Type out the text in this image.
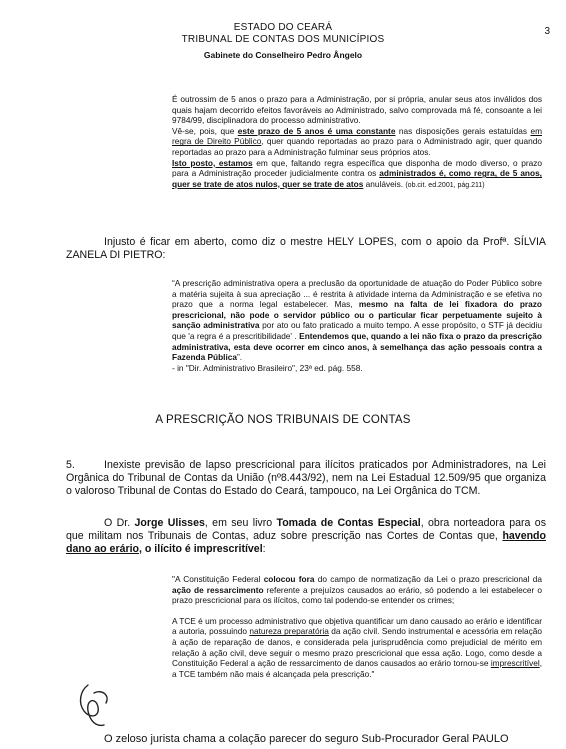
ESTADO DO CEARÁ
TRIBUNAL DE CONTAS DOS MUNICÍPIOS
Gabinete do Conselheiro Pedro Ângelo
3

É outrossim de 5 anos o prazo para a Administração, por si própria, anular seus atos inválidos dos quais hajam decorrido efeitos favoráveis ao Administrado, salvo comprovada má fé, consoante a lei 9784/99, disciplinadora do processo administrativo.

Vê-se, pois, que este prazo de 5 anos é uma constante nas disposições gerais estatuídas em regra de Direito Público, quer quando reportadas ao prazo para o Administrado agir, quer quando reportadas ao prazo para a Administração fulminar seus próprios atos.

Isto posto, estamos em que, faltando regra específica que disponha de modo diverso, o prazo para a Administração proceder judicialmente contra os administrados é, como regra, de 5 anos, quer se trate de atos nulos, quer se trate de atos anuláveis. (ob.cit. ed.2001, pág.211)

Injusto é ficar em aberto, como diz o mestre HELY LOPES, com o apoio da Profª. SÍLVIA ZANELA DI PIETRO:

“A prescrição administrativa opera a preclusão da oportunidade de atuação do Poder Público sobre a matéria sujeita à sua apreciação ... é restrita à atividade interna da Administração e se efetiva no prazo que a norma legal estabelecer. Mas, mesmo na falta de lei fixadora do prazo prescricional, não pode o servidor público ou o particular ficar perpetuamente sujeito à sanção administrativa por ato ou fato praticado a muito tempo. A esse propósito, o STF já decidiu que 'a regra é a prescritibilidade' . Entendemos que, quando a lei não fixa o prazo da prescrição administrativa, esta deve ocorrer em cinco anos, à semelhança das ação pessoais contra a Fazenda Pública”.

- in "Dir. Administrativo Brasileiro", 23ª ed. pág. 558.

A PRESCRIÇÃO NOS TRIBUNAIS DE CONTAS
5.	Inexiste previsão de lapso prescricional para ilícitos praticados por Administradores, na Lei Orgânica do Tribunal de Contas da União (nº8.443/92), nem na Lei Estadual 12.509/95 que organiza o valoroso Tribunal de Contas do Estado do Ceará, tampouco, na Lei Orgânica do TCM.
O Dr. Jorge Ulisses, em seu livro Tomada de Contas Especial, obra norteadora para os que militam nos Tribunais de Contas, aduz sobre prescrição nas Cortes de Contas que, havendo dano ao erário, o ilícito é imprescritível:

"A Constituição Federal colocou fora do campo de normatização da Lei o prazo prescricional da ação de ressarcimento referente a prejuízos causados ao erário, só podendo a lei estabelecer o prazo prescricional para os ilícitos, como tal podendo-se entender os crimes;

A TCE é um processo administrativo que objetiva quantificar um dano causado ao erário e identificar a autoria, possuindo natureza preparatória da ação civil. Sendo instrumental e acessória em relação à ação de reparação de danos, e considerada pela jurisprudência como prejudicial de mérito em relação à ação civil, deve seguir o mesmo prazo prescricional que essa ação. Logo, como desde a Constituição Federal a ação de ressarcimento de danos causados ao erário tornou-se imprescritível, a TCE também não mais é alcançada pela prescrição."

O zeloso jurista chama a colação parecer do seguro Sub-Procurador Geral PAULO
